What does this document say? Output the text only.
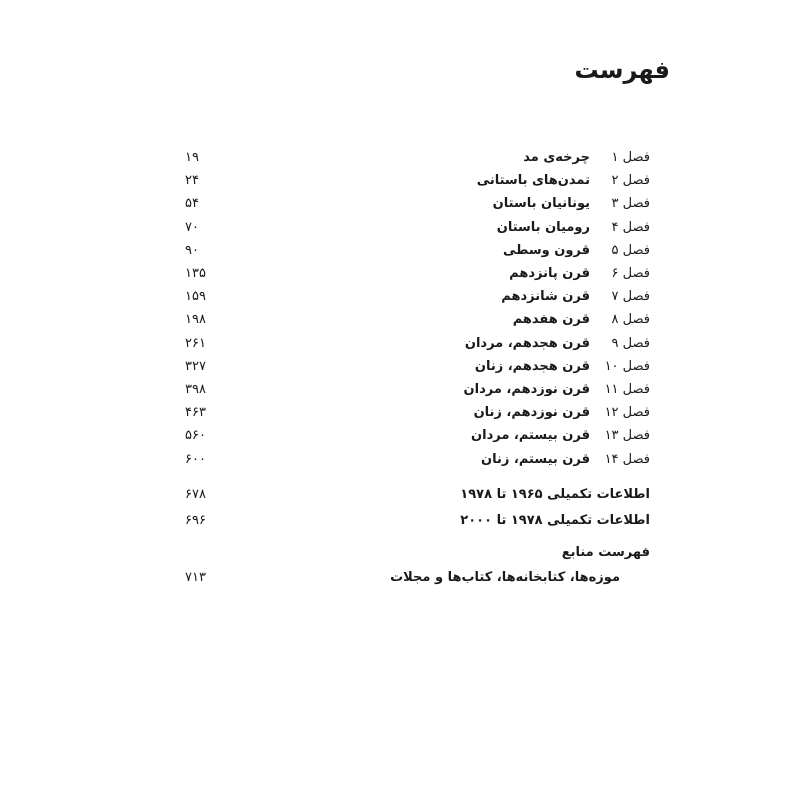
فهرست
فصل ۱
چرخه‌ی مد
۱۹
فصل ۲
تمدن‌های باستانی
۲۴
فصل ۳
یونانیان باستان
۵۴
فصل ۴
رومیان باستان
۷۰
فصل ۵
قرون وسطی
۹۰
فصل ۶
قرن پانزدهم
۱۳۵
فصل ۷
قرن شانزدهم
۱۵۹
فصل ۸
قرن هفدهم
۱۹۸
فصل ۹
قرن هجدهم، مردان
۲۶۱
فصل ۱۰
قرن هجدهم، زنان
۳۲۷
فصل ۱۱
قرن نوزدهم، مردان
۳۹۸
فصل ۱۲
قرن نوزدهم، زنان
۴۶۳
فصل ۱۳
قرن بیستم، مردان
۵۶۰
فصل ۱۴
قرن بیستم، زنان
۶۰۰
اطلاعات تکمیلی ۱۹۶۵ تا ۱۹۷۸
۶۷۸
اطلاعات تکمیلی ۱۹۷۸ تا ۲۰۰۰
۶۹۶
فهرست منابع
موزه‌ها، کتابخانه‌ها، کتاب‌ها و مجلات
۷۱۳
